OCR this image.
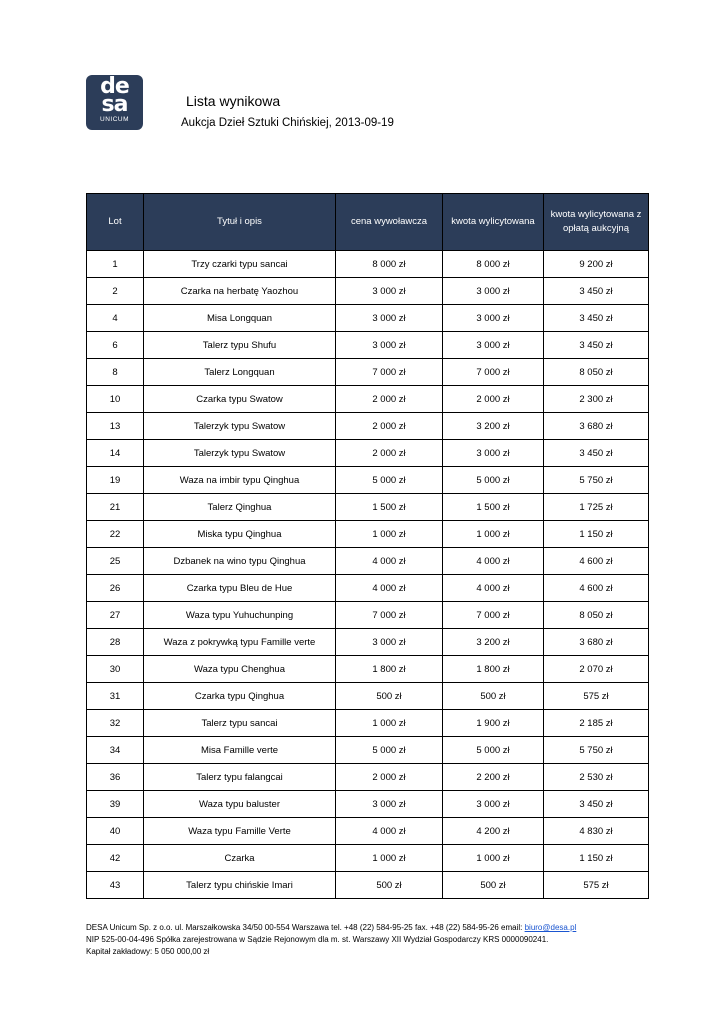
de
sa
UNICUM
Lista wynikowa
Aukcja Dzieł Sztuki Chińskiej, 2013-09-19
Lot	Tytuł i opis	cena wywoławcza	kwota wylicytowana	kwota wylicytowana z opłatą aukcyjną
1	Trzy czarki typu sancai	8 000 zł	8 000 zł	9 200 zł
2	Czarka na herbatę Yaozhou	3 000 zł	3 000 zł	3 450 zł
4	Misa Longquan	3 000 zł	3 000 zł	3 450 zł
6	Talerz typu Shufu	3 000 zł	3 000 zł	3 450 zł
8	Talerz Longquan	7 000 zł	7 000 zł	8 050 zł
10	Czarka typu Swatow	2 000 zł	2 000 zł	2 300 zł
13	Talerzyk typu Swatow	2 000 zł	3 200 zł	3 680 zł
14	Talerzyk typu Swatow	2 000 zł	3 000 zł	3 450 zł
19	Waza na imbir typu Qinghua	5 000 zł	5 000 zł	5 750 zł
21	Talerz Qinghua	1 500 zł	1 500 zł	1 725 zł
22	Miska typu Qinghua	1 000 zł	1 000 zł	1 150 zł
25	Dzbanek na wino typu Qinghua	4 000 zł	4 000 zł	4 600 zł
26	Czarka typu Bleu de Hue	4 000 zł	4 000 zł	4 600 zł
27	Waza typu Yuhuchunping	7 000 zł	7 000 zł	8 050 zł
28	Waza z pokrywką typu Famille verte	3 000 zł	3 200 zł	3 680 zł
30	Waza typu Chenghua	1 800 zł	1 800 zł	2 070 zł
31	Czarka typu Qinghua	500 zł	500 zł	575 zł
32	Talerz typu sancai	1 000 zł	1 900 zł	2 185 zł
34	Misa Famille verte	5 000 zł	5 000 zł	5 750 zł
36	Talerz typu falangcai	2 000 zł	2 200 zł	2 530 zł
39	Waza typu baluster	3 000 zł	3 000 zł	3 450 zł
40	Waza typu Famille Verte	4 000 zł	4 200 zł	4 830 zł
42	Czarka	1 000 zł	1 000 zł	1 150 zł
43	Talerz typu chińskie Imari	500 zł	500 zł	575 zł
DESA Unicum Sp. z o.o. ul. Marszałkowska 34/50 00-554 Warszawa tel. +48 (22) 584-95-25 fax. +48 (22) 584-95-26 email: biuro@desa.pl
NIP 525-00-04-496 Spółka zarejestrowana w Sądzie Rejonowym dla m. st. Warszawy XII Wydział Gospodarczy KRS 0000090241.
Kapitał zakładowy: 5 050 000,00 zł
